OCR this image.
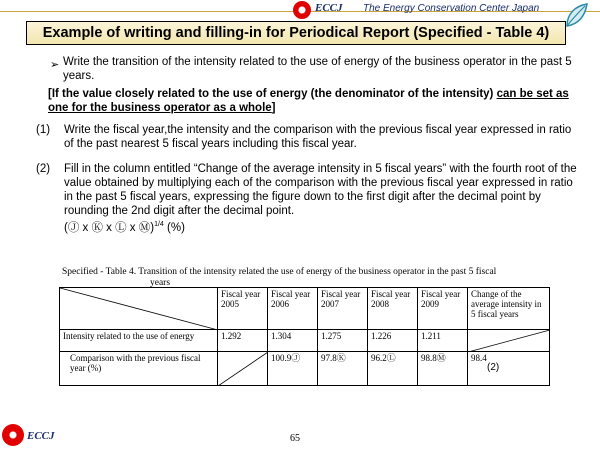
ECCJ The Energy Conservation Center Japan
Example of writing and filling-in for Periodical Report (Specified - Table 4)
➢ Write the transition of the intensity related to the use of energy of the business operator in the past 5 years.
[If the value closely related to the use of energy (the denominator of the intensity) can be set as one for the business operator as a whole]
(1) Write the fiscal year,the intensity and the comparison with the previous fiscal year expressed in ratio of the past nearest 5 fiscal years including this fiscal year.
(2) Fill in the column entitled “Change of the average intensity in 5 fiscal years” with the fourth root of the value obtained by multiplying each of the comparison with the previous fiscal year expressed in ratio in the past 5 fiscal years, expressing the figure down to the first digit after the decimal point by rounding the 2nd digit after the decimal point.
(Ⓙ x Ⓚ x Ⓛ x Ⓜ)$^{1/4}$ (%)
Specified - Table 4. Transition of the intensity related the use of energy of the business operator in the past 5 fiscal
years
	Fiscal year 2005	Fiscal year 2006	Fiscal year 2007	Fiscal year 2008	Fiscal year 2009	Change of the average intensity in 5 fiscal years
Intensity related to the use of energy	1.292	1.304	1.275	1.226	1.211	

Comparison with the previous fiscal year (%)		100.9Ⓙ	97.8Ⓚ	96.2Ⓛ	98.8Ⓜ	98.4
(2)
65
ECCJ
